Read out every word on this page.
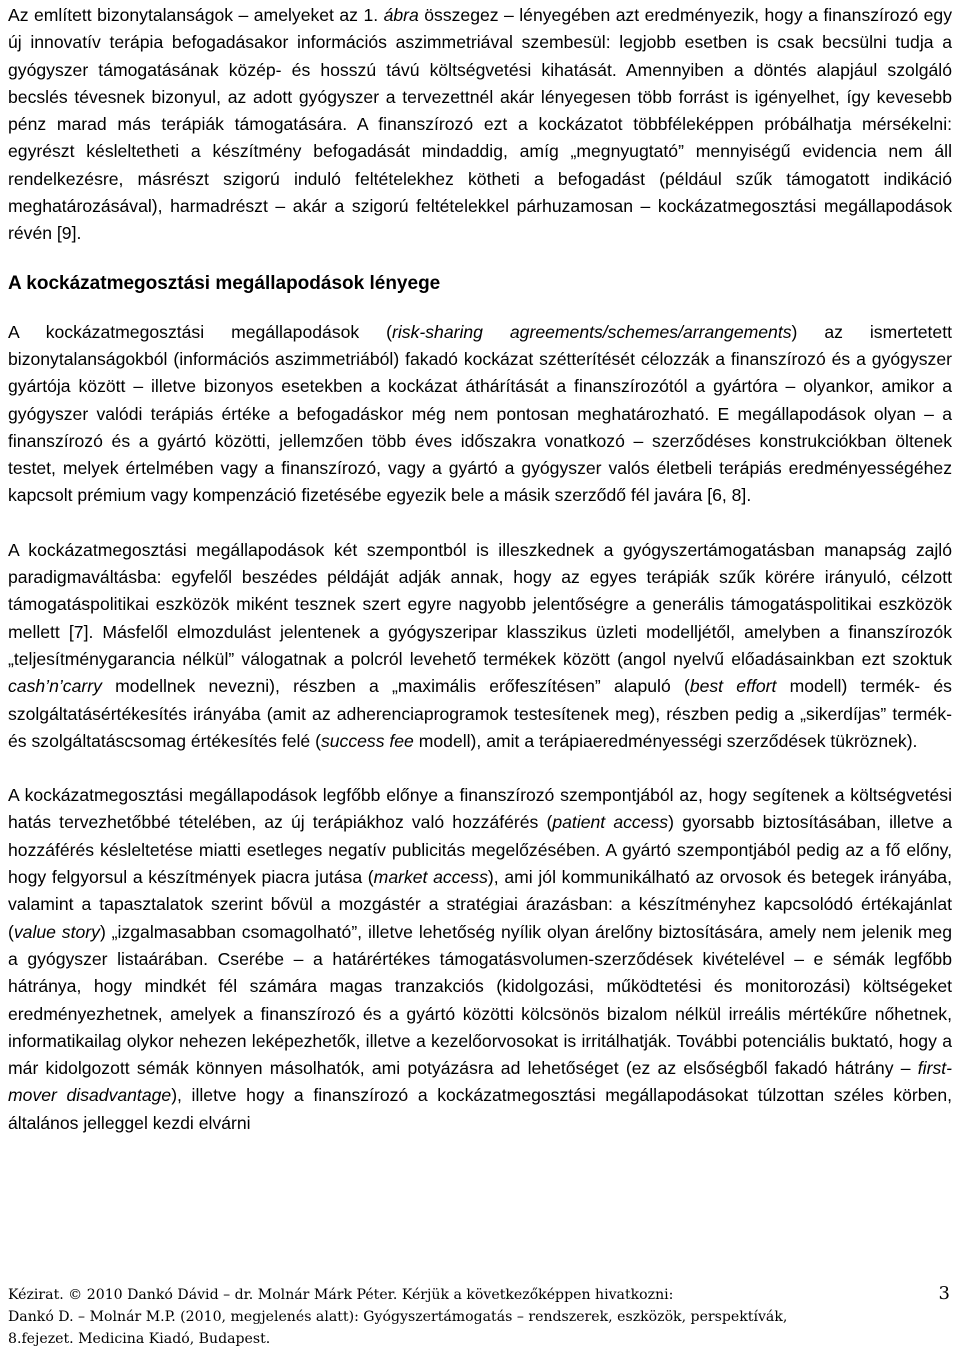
Az említett bizonytalanságok – amelyeket az 1. ábra összegez – lényegében azt eredményezik, hogy a finanszírozó egy új innovatív terápia befogadásakor információs aszimmetriával szembesül: legjobb esetben is csak becsülni tudja a gyógyszer támogatásának közép- és hosszú távú költségvetési kihatását. Amennyiben a döntés alapjául szolgáló becslés tévesnek bizonyul, az adott gyógyszer a tervezettnél akár lényegesen több forrást is igényelhet, így kevesebb pénz marad más terápiák támogatására. A finanszírozó ezt a kockázatot többféleképpen próbálhatja mérsékelni: egyrészt késleltetheti a készítmény befogadását mindaddig, amíg „megnyugtató” mennyiségű evidencia nem áll rendelkezésre, másrészt szigorú induló feltételekhez kötheti a befogadást (például szűk támogatott indikáció meghatározásával), harmadrészt – akár a szigorú feltételekkel párhuzamosan – kockázatmegosztási megállapodások révén [9].

A kockázatmegosztási megállapodások lényege

A kockázatmegosztási megállapodások (risk-sharing agreements/schemes/arrangements) az ismertetett bizonytalanságokból (információs aszimmetriából) fakadó kockázat szétterítését célozzák a finanszírozó és a gyógyszer gyártója között – illetve bizonyos esetekben a kockázat áthárítását a finanszírozótól a gyártóra – olyankor, amikor a gyógyszer valódi terápiás értéke a befogadáskor még nem pontosan meghatározható. E megállapodások olyan – a finanszírozó és a gyártó közötti, jellemzően több éves időszakra vonatkozó – szerződéses konstrukciókban öltenek testet, melyek értelmében vagy a finanszírozó, vagy a gyártó a gyógyszer valós életbeli terápiás eredményességéhez kapcsolt prémium vagy kompenzáció fizetésébe egyezik bele a másik szerződő fél javára [6, 8].

A kockázatmegosztási megállapodások két szempontból is illeszkednek a gyógyszertámogatásban manapság zajló paradigmaváltásba: egyfelől beszédes példáját adják annak, hogy az egyes terápiák szűk körére irányuló, célzott támogatáspolitikai eszközök miként tesznek szert egyre nagyobb jelentőségre a generális támogatáspolitikai eszközök mellett [7]. Másfelől elmozdulást jelentenek a gyógyszeripar klasszikus üzleti modelljétől, amelyben a finanszírozók „teljesítménygarancia nélkül” válogatnak a polcról levehető termékek között (angol nyelvű előadásainkban ezt szoktuk cash’n’carry modellnek nevezni), részben a „maximális erőfeszítésen” alapuló (best effort modell) termék- és szolgáltatásértékesítés irányába (amit az adherenciaprogramok testesítenek meg), részben pedig a „sikerdíjas” termék- és szolgáltatáscsomag értékesítés felé (success fee modell), amit a terápiaeredményességi szerződések tükröznek).

A kockázatmegosztási megállapodások legfőbb előnye a finanszírozó szempontjából az, hogy segítenek a költségvetési hatás tervezhetőbbé tételében, az új terápiákhoz való hozzáférés (patient access) gyorsabb biztosításában, illetve a hozzáférés késleltetése miatti esetleges negatív publicitás megelőzésében. A gyártó szempontjából pedig az a fő előny, hogy felgyorsul a készítmények piacra jutása (market access), ami jól kommunikálható az orvosok és betegek irányába, valamint a tapasztalatok szerint bővül a mozgástér a stratégiai árazásban: a készítményhez kapcsolódó értékajánlat (value story) „izgalmasabban csomagolható”, illetve lehetőség nyílik olyan árelőny biztosítására, amely nem jelenik meg a gyógyszer listaárában. Cserébe – a határértékes támogatásvolumen-szerződések kivételével – e sémák legfőbb hátránya, hogy mindkét fél számára magas tranzakciós (kidolgozási, működtetési és monitorozási) költségeket eredményezhetnek, amelyek a finanszírozó és a gyártó közötti kölcsönös bizalom nélkül irreális mértékűre nőhetnek, informatikailag olykor nehezen leképezhetők, illetve a kezelőorvosokat is irritálhatják. További potenciális buktató, hogy a már kidolgozott sémák könnyen másolhatók, ami potyázásra ad lehetőséget (ez az elsőségből fakadó hátrány – first-mover disadvantage), illetve hogy a finanszírozó a kockázatmegosztási megállapodásokat túlzottan széles körben, általános jelleggel kezdi elvárni

Kézirat. © 2010 Dankó Dávid – dr. Molnár Márk Péter. Kérjük a következőképpen hivatkozni:	3
Dankó D. – Molnár M.P. (2010, megjelenés alatt): Gyógyszertámogatás – rendszerek, eszközök, perspektívák,
8.fejezet. Medicina Kiadó, Budapest.
